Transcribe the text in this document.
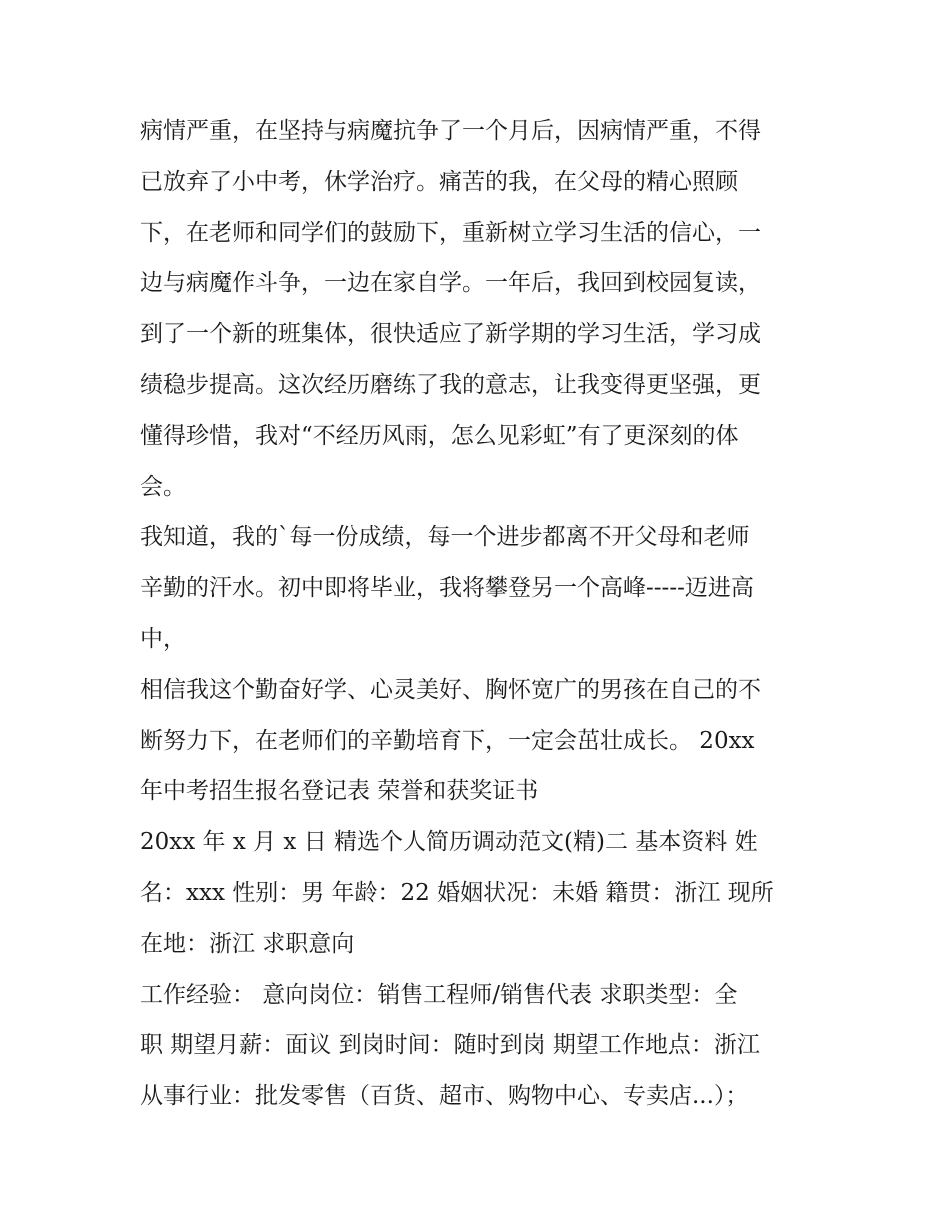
病情严重，在坚持与病魔抗争了一个月后，因病情严重，不得
已放弃了小中考，休学治疗。痛苦的我，在父母的精心照顾
下，在老师和同学们的鼓励下，重新树立学习生活的信心，一
边与病魔作斗争，一边在家自学。一年后，我回到校园复读，
到了一个新的班集体，很快适应了新学期的学习生活，学习成
绩稳步提高。这次经历磨练了我的意志，让我变得更坚强，更
懂得珍惜，我对“不经历风雨，怎么见彩虹”有了更深刻的体
会。
我知道，我的`每一份成绩，每一个进步都离不开父母和老师
辛勤的汗水。初中即将毕业，我将攀登另一个高峰-----迈进高
中，
相信我这个勤奋好学、心灵美好、胸怀宽广的男孩在自己的不
断努力下，在老师们的辛勤培育下，一定会茁壮成长。 20xx
年中考招生报名登记表 荣誉和获奖证书
20xx 年 x 月 x 日 精选个人简历调动范文(精)二 基本资料 姓
名：xxx 性别：男 年龄：22 婚姻状况：未婚 籍贯：浙江 现所
在地：浙江 求职意向
工作经验： 意向岗位：销售工程师/销售代表 求职类型：全
职 期望月薪：面议 到岗时间：随时到岗 期望工作地点：浙江
从事行业：批发零售（百货、超市、购物中心、专卖店...）；
